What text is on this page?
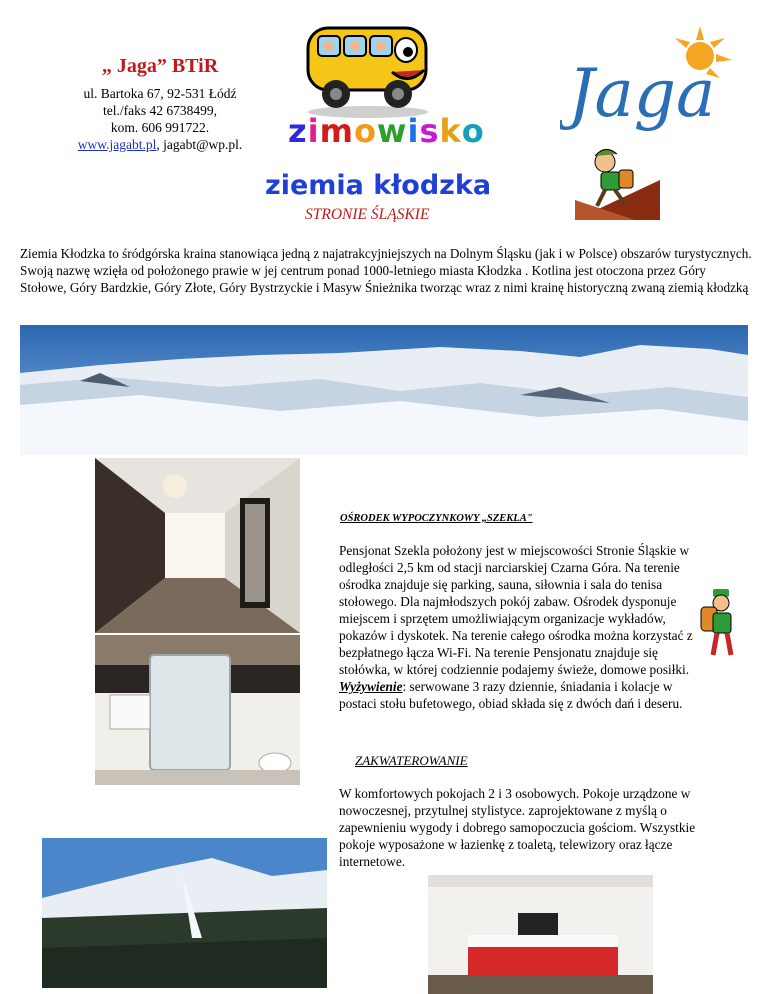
„ Jaga” BTiR
ul. Bartoka 67, 92-531 Łódź
tel./faks 42 6738499,
kom. 606 991722.
www.jagabt.pl, jagabt@wp.pl.
Jaga
zimowisko
ziemia kłodzka
STRONIE ŚLĄSKIE
Ziemia Kłodzka to śródgórska kraina stanowiąca jedną z najatrakcyjniejszych na Dolnym Śląsku (jak i w Polsce) obszarów turystycznych. Swoją nazwę wzięła od położonego prawie w jej centrum ponad 1000-letniego miasta Kłodzka . Kotlina jest otoczona przez Góry Stołowe, Góry Bardzkie, Góry Złote, Góry Bystrzyckie i Masyw Śnieżnika tworząc wraz z nimi krainę historyczną zwaną ziemią kłodzką
OŚRODEK WYPOCZYNKOWY „SZEKLA"
Pensjonat Szekla położony jest w miejscowości Stronie Śląskie w odległości 2,5 km od stacji narciarskiej Czarna Góra. Na terenie ośrodka znajduje się parking, sauna, siłownia i sala do tenisa stołowego. Dla najmłodszych pokój zabaw. Ośrodek dysponuje miejscem i sprzętem umożliwiającym organizacje wykładów, pokazów i dyskotek. Na terenie całego ośrodka można korzystać z bezpłatnego łącza Wi-Fi. Na terenie Pensjonatu znajduje się stołówka, w której codziennie podajemy świeże, domowe posiłki. Wyżywienie: serwowane 3 razy dziennie, śniadania i kolacje w postaci stołu bufetowego, obiad składa się z dwóch dań i deseru.
ZAKWATEROWANIE
W komfortowych pokojach 2 i 3 osobowych. Pokoje urządzone w nowoczesnej, przytulnej stylistyce. zaprojektowane z myślą o zapewnieniu wygody i dobrego samopoczucia gościom. Wszystkie pokoje wyposażone w łazienkę z toaletą, telewizory oraz łącze internetowe.
